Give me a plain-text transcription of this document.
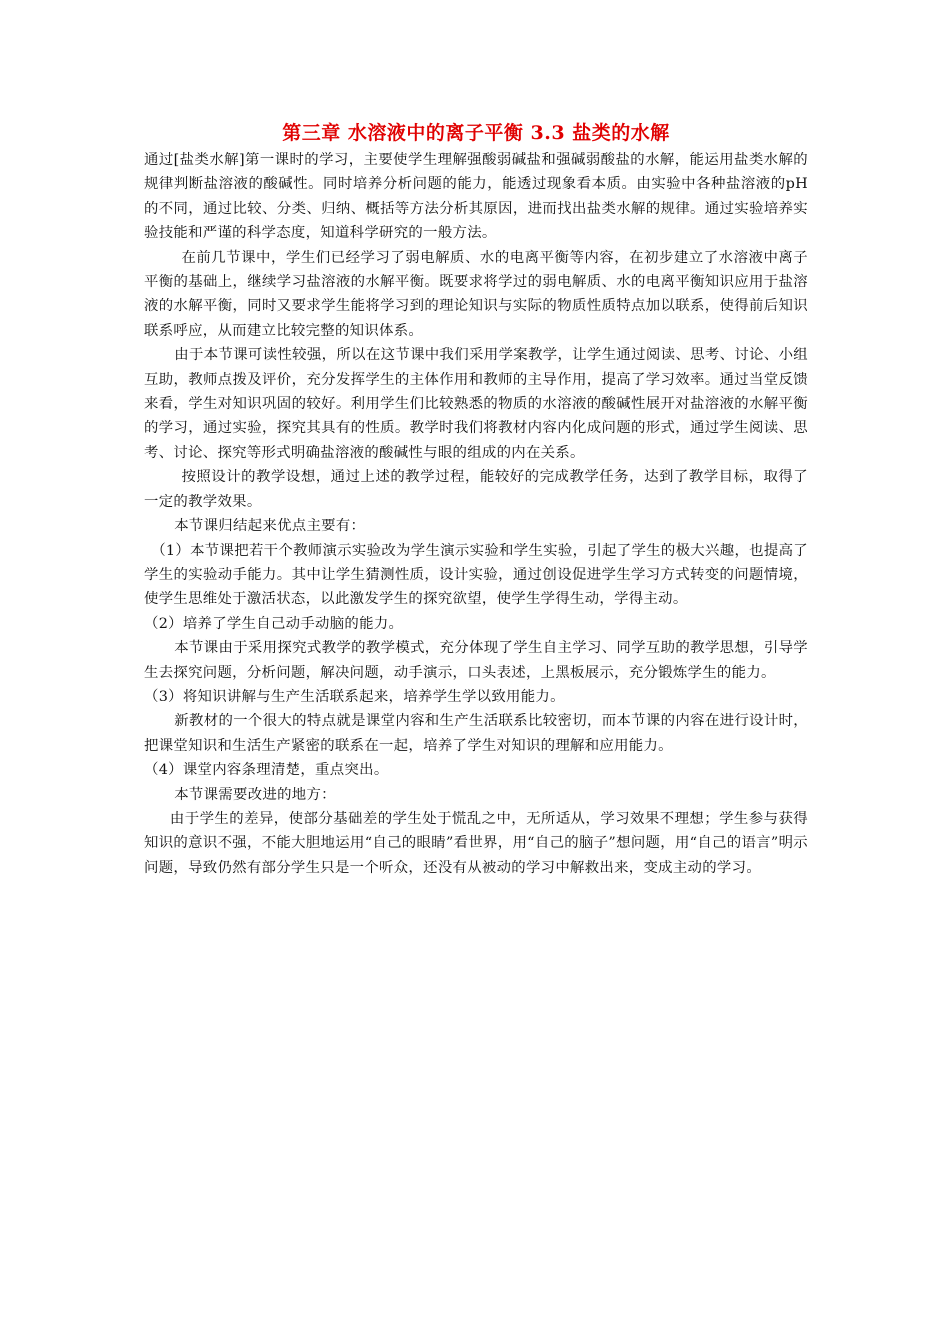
第三章 水溶液中的离子平衡 3.3 盐类的水解

通过[盐类水解]第一课时的学习，主要使学生理解强酸弱碱盐和强碱弱酸盐的水解，能运用盐类水解的规律判断盐溶液的酸碱性。同时培养分析问题的能力，能透过现象看本质。由实验中各种盐溶液的pH的不同，通过比较、分类、归纳、概括等方法分析其原因，进而找出盐类水解的规律。通过实验培养实验技能和严谨的科学态度，知道科学研究的一般方法。

在前几节课中，学生们已经学习了弱电解质、水的电离平衡等内容，在初步建立了水溶液中离子平衡的基础上，继续学习盐溶液的水解平衡。既要求将学过的弱电解质、水的电离平衡知识应用于盐溶液的水解平衡，同时又要求学生能将学习到的理论知识与实际的物质性质特点加以联系，使得前后知识联系呼应，从而建立比较完整的知识体系。

由于本节课可读性较强，所以在这节课中我们采用学案教学，让学生通过阅读、思考、讨论、小组互助，教师点拨及评价，充分发挥学生的主体作用和教师的主导作用，提高了学习效率。通过当堂反馈来看，学生对知识巩固的较好。利用学生们比较熟悉的物质的水溶液的酸碱性展开对盐溶液的水解平衡的学习，通过实验，探究其具有的性质。教学时我们将教材内容内化成问题的形式，通过学生阅读、思考、讨论、探究等形式明确盐溶液的酸碱性与眼的组成的内在关系。

按照设计的教学设想，通过上述的教学过程，能较好的完成教学任务，达到了教学目标，取得了一定的教学效果。

本节课归结起来优点主要有：

（1）本节课把若干个教师演示实验改为学生演示实验和学生实验，引起了学生的极大兴趣，也提高了学生的实验动手能力。其中让学生猜测性质，设计实验，通过创设促进学生学习方式转变的问题情境，使学生思维处于激活状态，以此激发学生的探究欲望，使学生学得生动，学得主动。

（2）培养了学生自己动手动脑的能力。

本节课由于采用探究式教学的教学模式，充分体现了学生自主学习、同学互助的教学思想，引导学生去探究问题，分析问题，解决问题，动手演示，口头表述，上黑板展示，充分锻炼学生的能力。

（3）将知识讲解与生产生活联系起来，培养学生学以致用能力。

新教材的一个很大的特点就是课堂内容和生产生活联系比较密切，而本节课的内容在进行设计时，把课堂知识和生活生产紧密的联系在一起，培养了学生对知识的理解和应用能力。

（4）课堂内容条理清楚，重点突出。

本节课需要改进的地方：

由于学生的差异，使部分基础差的学生处于慌乱之中，无所适从，学习效果不理想；学生参与获得知识的意识不强，不能大胆地运用“自己的眼睛”看世界，用“自己的脑子”想问题，用“自己的语言”明示问题，导致仍然有部分学生只是一个听众，还没有从被动的学习中解救出来，变成主动的学习。
